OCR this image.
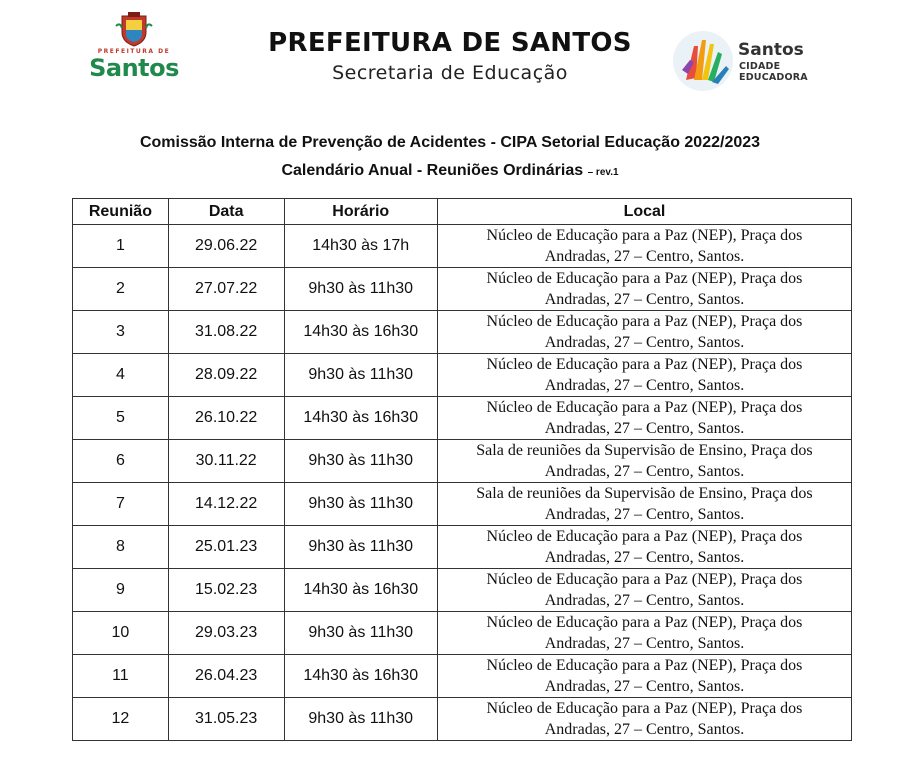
PREFEITURA DE
Santos
PREFEITURA DE SANTOS
Secretaria de Educação
Santos
CIDADE
EDUCADORA
Comissão Interna de Prevenção de Acidentes - CIPA Setorial Educação 2022/2023
Calendário Anual - Reuniões Ordinárias – rev.1
Reunião	Data	Horário	Local
1	29.06.22	14h30 às 17h	Núcleo de Educação para a Paz (NEP), Praça dos
Andradas, 27 – Centro, Santos.
2	27.07.22	9h30 às 11h30	Núcleo de Educação para a Paz (NEP), Praça dos
Andradas, 27 – Centro, Santos.
3	31.08.22	14h30 às 16h30	Núcleo de Educação para a Paz (NEP), Praça dos
Andradas, 27 – Centro, Santos.
4	28.09.22	9h30 às 11h30	Núcleo de Educação para a Paz (NEP), Praça dos
Andradas, 27 – Centro, Santos.
5	26.10.22	14h30 às 16h30	Núcleo de Educação para a Paz (NEP), Praça dos
Andradas, 27 – Centro, Santos.
6	30.11.22	9h30 às 11h30	Sala de reuniões da Supervisão de Ensino, Praça dos
Andradas, 27 – Centro, Santos.
7	14.12.22	9h30 às 11h30	Sala de reuniões da Supervisão de Ensino, Praça dos
Andradas, 27 – Centro, Santos.
8	25.01.23	9h30 às 11h30	Núcleo de Educação para a Paz (NEP), Praça dos
Andradas, 27 – Centro, Santos.
9	15.02.23	14h30 às 16h30	Núcleo de Educação para a Paz (NEP), Praça dos
Andradas, 27 – Centro, Santos.
10	29.03.23	9h30 às 11h30	Núcleo de Educação para a Paz (NEP), Praça dos
Andradas, 27 – Centro, Santos.
11	26.04.23	14h30 às 16h30	Núcleo de Educação para a Paz (NEP), Praça dos
Andradas, 27 – Centro, Santos.
12	31.05.23	9h30 às 11h30	Núcleo de Educação para a Paz (NEP), Praça dos
Andradas, 27 – Centro, Santos.
